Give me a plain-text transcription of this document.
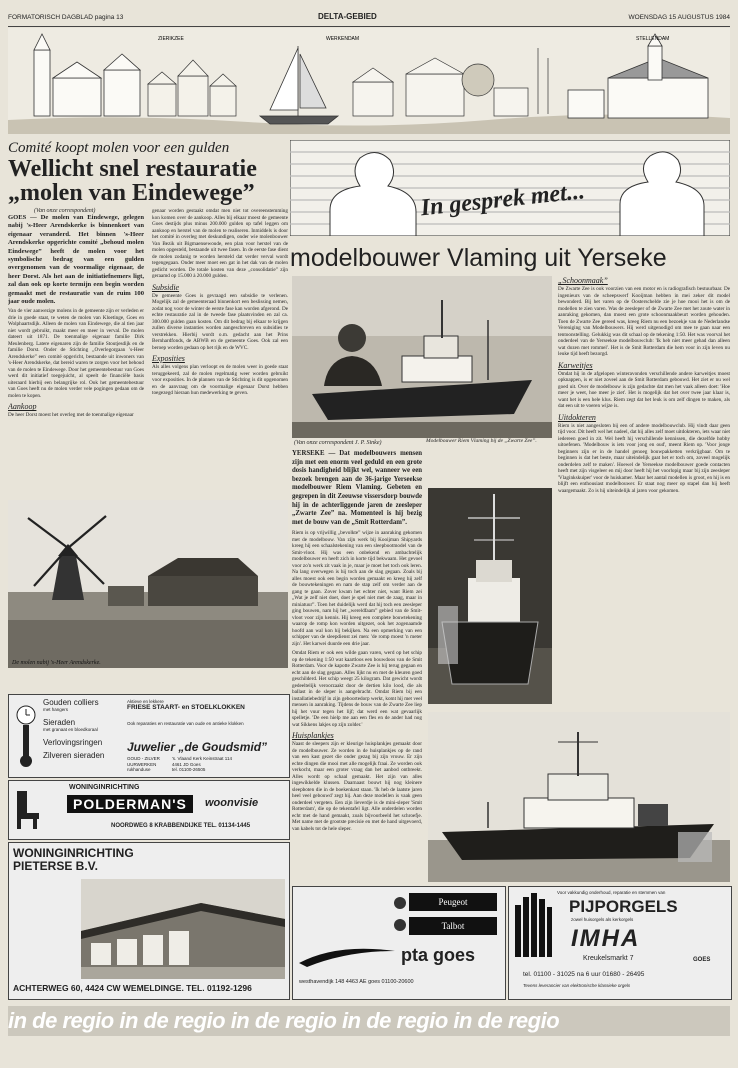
FORMATORISCH DAGBLAD pagina 13	DELTA-GEBIED	WOENSDAG 15 AUGUSTUS 1984
ZIERIKZEE	WERKENDAM	STELLENDAM
Comité koopt molen voor een gulden
Wellicht snel restauratie
„molen van Eindewege”
(Van onze correspondent)
GOES — De molen van Eindewege, gelegen nabij 's-Heer Arendskerke is binnenkort van eigenaar veranderd. Het binnen 's-Heer Arendskerke opgerichte comité „behoud molen Eindewege” heeft de molen voor het symbolische bedrag van een gulden overgenomen van de voormalige eigenaar, de heer Dorst. Als het aan de initiatiefnemers ligt, zal dan ook op korte termijn een begin worden gemaakt met de restauratie van de ruim 100 jaar oude molen.

Van de vier aanwezige molens in de gemeente zijn er verleden er drie in goede staat, te weten de molen van Kloetinge, Goes en Wolphaartsdijk. Alleen de molen van Eindewege, die al tien jaar niet wordt gebruikt, maakt meer en meer in verval. De molen dateert uit 1871. De toenmalige eigenaar familie Dirk Meulenberg. Latere eigenaren zijn de familie Stoutjesdijk en de familie Dorst. Onder de Stichting „Overlegorgaan 's-Heer Arendskerke” een comité opgericht, bestaande uit inwoners van 's-Heer Arendskerke, dat bereid waren te zorgen voor het behoud van de molen te Eindewege. Door het gemeentebestuur van Goes werd dit initiatief toegejuicht, al speelt de financiële basis uiteraard hierbij een belangrijke rol. Ook het gemeentebestuur van Goes heeft nu de molen verder vele pogingen gedaan om de molen te kopen.

Aankoop

De heer Dorst moest het overleg met de toenmalige eigenaar

genaar worden gestaakt omdat men niet tot overeenstemming kon komen over de aankoop. Alles bij elkaar moest de gemeente Goes destijds plus minus 200.000 gulden op tafel leggen om aankoop en herstel van de molen te realiseren. Inmiddels is door het comité in overleg met deskundigen, onder wie molenbouwer Van Bezik uit Bigmaensewoude, een plan voor herstel van de molen opgesteld, bestaande uit twee fasen. In de eerste fase dient de molen zodanig te worden hersteld dat verder verval wordt tegengegaan. Onder meer moet een gat in het dak van de molen gedicht worden. De totale kosten van deze „consolidatie” zijn geraamd op 15.000 à 20.000 gulden.

Subsidie

De gemeente Goes is gevraagd een subsidie te verlenen. Mogelijk zal de gemeenteraad binnenkort een beslissing nemen, zodat nog voor de winter de eerste fase kan worden afgerond. De echte restauratie zal in de tweede fase plaatsvinden en zal ca. 300.000 gulden gaan kosten. Om dit bedrag bij elkaar te krijgen zullen diverse instanties worden aangeschreven en subsidies te verstrekken. Hierbij wordt o.m. gedacht aan het Prins Bernhardfonds, de ABWB en de gemeente Goes. Ook zal een beroep worden gedaan op het rijk en de WVC.

Exposities

Als alles volgens plan verloopt en de molen weer in goede staat teruggekeerd, zal de molen regelmatig weer worden gebruikt voor exposities. In de plannen van de Stichting is dit opgenomen en de aanvraag om de voormalige eigenaar Dorst hebben toegezegd hieraan hun medewerking te geven.

De molen nabij 's-Heer Arendskerke.
In gesprek met...
modelbouwer Vlaming uit Yerseke
(Van onze correspondent J. P. Sinke)	Modelbouwer Riem Vlaming bij de „Zwarte Zee”.
YERSEKE — Dat modelbouwers mensen zijn met een enorm veel geduld en een grote dosis handigheid blijkt wel, wanneer we een bezoek brengen aan de 36-jarige Yerseekse modelbouwer Riem Vlaming. Gebeten en gegrepen in dit Zeeuwse vissersdorp bouwde hij in de achterliggende jaren de zeesleper „Zwarte Zee” na. Momenteel is hij bezig met de bouw van de „Smit Rotterdam”.

Riem is op vrijwillig „bevolkte” wijze in aanraking gekomen met de modelbouw. Van zijn werk bij Kooijman Shipyards kreeg hij een schaalstekening van een sleepbootmodel van de Smit-vloot. Hij was een onbekend en ambachtelijk modelbouwer en heeft zich in korte tijd bekwaam. Het gevoel voor zo'n werk zit vaak in je, maar je moet het toch ook leren. Na lang overwegen is hij toch aan de slag gegaan. Zoals bij alles moest ook een begin worden gemaakt en kreeg hij zelf de bouwtekeningen en nam de stap zelf om verder aan de gang te gaan. Zover kwam het echter niet, want Riem zei „Wat je zelf niet doet, doet je spel niet met de zaag, maar in miniatuur”. Toen het duidelijk werd dat hij toch een zeesleper ging bouwen, nam hij het „wereldfaam” gebied van de Smit-vloot voor zijn kennis. Hij kreeg een complete bouwtekening waarop de romp kon worden uitgezet, ook het zogenaamde hoofd aan wal kon hij bekijken. Na een opmerking van een schipper van de sleepdienst zei men: 'de romp moest 'n meter zijn'. Het karwei duurde een drie jaar.

Omdat Riem er ook een wilde gaan varen, werd op het schip op de tekening 1:50 wat kaartloos een bouwdoos van de Smit Rotterdam. Voor de kapotte Zwarte Zee is hij terug gegaan en echt aan de slag gegaan. Alles lijkt nu en met de kleuren goed geschilderd. Het schip weegt 25 kilogram. Dat gewicht wordt gedeeltelijk veroorzaakt door de dertien kilo lood, die als ballast in de sleper is aangebracht. Omdat Riem bij een installatiebedrijf in zijn geboortedorp werkt, komt hij met veel mensen in aanraking. Tijdens de bouw van de Zwarte Zee liep hij het vuur tegen het lijf; dat werd een wat gevaarlijk spelletje. 'De een hielp me aan een fles en de ander had nog wat Sikkens lakjes op zijn zolder.'

Huisplankjes

Naast de sleepers zijn er kleurige huisplankjes gemaakt door de modelbouwer. Ze worden in de huisplankjes op de rand van een kast gezet die onder gezag bij zijn vrouw. Er zijn echte dingen die mooi met alle mogelijk fraai. Ze worden ook verkocht, maar een groter vraag dan het aanbod ontbreekt. Alles wordt op schaal gemaakt. Het zijn van alles ingewikkelde klussen. Daarnaast bouwt hij nog kleinere sleepboten die in de boekenkast staan. 'Ik heb de laatste jaren heel veel gebouwd' zegt hij. Aan deze modellen is vaak geen onderdeel vergeten. Een zijn lieverdje is de mini-sleper 'Smit Rotterdam', die op de tekentafel ligt. Alle onderdelen worden echt met de hand gemaakt, zoals bijvoorbeeld het schroefje. Met name met de grootste precisie en met de hand uitgevoerd, van kabels tot de hele sleper.

„Schoonmaak”

De Zwarte Zee is ook voorzien van een motor en is radiografisch bestuurbaar. De ingenieurs van de scheepswerf Kooijman hebben in mei zeker dit model bewonderd. Bij het varen op de Oosterschelde zie je hoe mooi het is om de modellen te zien varen. Was de zeesleper of de Zwarte Zee met het zoute water in aanraking gekomen, dan moest een grote schoonmaakbeurt worden gehouden. Toen de Zwarte Zee gereed was, kreeg Riem nu een bezoekje van de Nederlandse Vereniging van Modelbouwers. Hij werd uitgenodigd om mee te gaan naar een tentoonstelling. Gelukkig was dit schaal op de tekening 1:50. Het was voorval het onderdeel van de Yerseekse modelbouwclub: 'Ik heb niet meer gehad dan alleen wat dozen met rommel'. Het is de Smit Rotterdam die hem voor in zijn leven nu leuke tijd heeft bezorgd.

Karweitjes

Omdat hij in de afgelopen winteravonden verschillende andere karweitjes moest opknappen, is er niet zoveel aan de Smit Rotterdam gebouwd. Het ziet er nu wel goed uit. Over de modelbouw is zijn gedachte dat men het vaak alleen doet: 'Hoe meer je weet, hoe meer je ziet'. Het is mogelijk dat het over twee jaar klaar is, want het is een hele klus. Riem zegt dat het leuk is om zelf dingen te maken, als dat een uit te voeren wijze is.

Uitdokteren

Riem is niet aangesloten bij een of andere modelbouwclub. Hij vindt daar geen tijd voor. Dit heeft wel het nadeel, dat hij alles zelf moet uitdokteren, iets waar niet iedereen goed in zit. Wel heeft hij verschillende kennissen, die dezelfde hobby uitoefenen. 'Modelbouw is iets voor jong en oud', meent Riem op. 'Voor jonge beginners zijn er in de handel genoeg bouwpakketten verkrijgbaar. Om te beginnen is dat het beste, maar uiteindelijk gaat het er toch om, zoveel mogelijk onderdelen zelf te maken'. Hoewel de Yerseekse modelbouwer goede contacten heeft met zijn visgeleer en mij door heeft hij het voorlopig maar bij zijn zeesleper 'Vlaginkskuiper' voor de huiskamer. Maar het aantal modellen is groot, en hij is en blijft een enthousiast modelbouwer. Er staat nog meer op stapel dan hij heeft waargemaakt. Zo is hij uiteindelijk al jaren voor gekomen.

Gouden colliers
met hangers
Sieraden
met granaat en bloedkoraal
Verlovingsringen
Zilveren sieraden
Aktieve en lekkere
FRIESE STAART- en STOELKLOKKEN
Ook reparaties en restauratie van oude en antieke klokken
Juwelier „de Goudsmid”
GOUD - ZILVER
UURWERKEN
rukhanduse
's. Vlaand Kerk Keinstraat 114
4461 JD Goes
tel. 01100-26505
WONINGINRICHTING
POLDERMAN'S	woonvisie
NOORDWEG 8 KRABBENDIJKE TEL. 01134-1445
WONINGINRICHTING
PIETERSE B.V.
ACHTERWEG 60, 4424 CW WEMELDINGE. TEL. 01192-1296
Peugeot
Talbot
pta goes
westhavendijk 148 4463 AE goes 01100-20600
Voor vakkundig onderhoud, reparatie en stemmen van
PIJPORGELS
zowel huisorgels als kerkorgels
IMHA
Kreukelsmarkt 7	GOES
tel. 01100 - 31025 na 6 uur 01680 - 26495
Tevens leverancier van elektronische klassieke orgels
in de regio in de regio in de regio in de regio in de regio
